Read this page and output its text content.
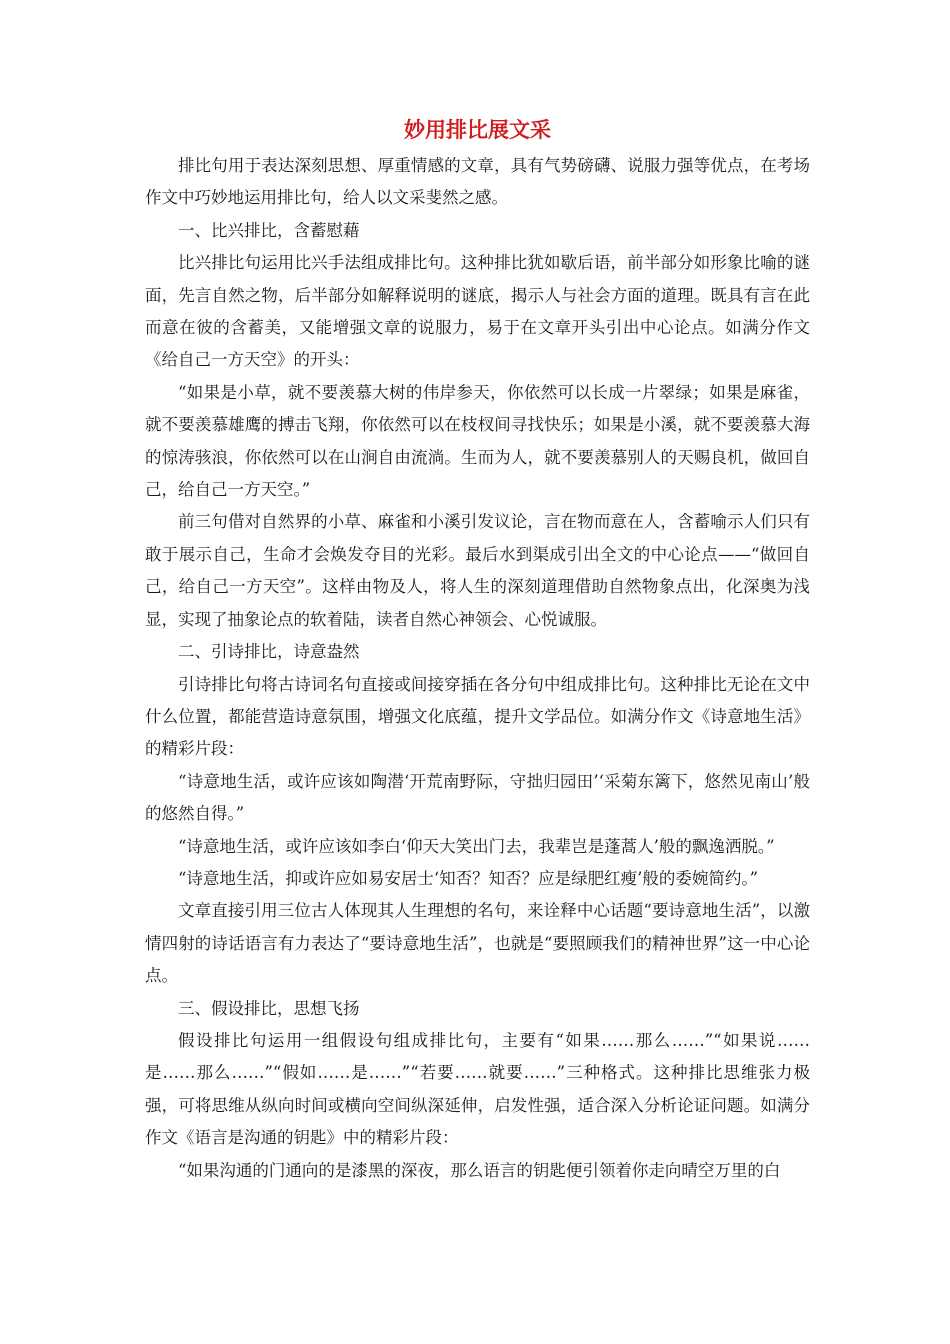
妙用排比展文采

排比句用于表达深刻思想、厚重情感的文章，具有气势磅礴、说服力强等优点，在考场作文中巧妙地运用排比句，给人以文采斐然之感。

一、比兴排比，含蓄慰藉

比兴排比句运用比兴手法组成排比句。这种排比犹如歇后语，前半部分如形象比喻的谜面，先言自然之物，后半部分如解释说明的谜底，揭示人与社会方面的道理。既具有言在此而意在彼的含蓄美，又能增强文章的说服力，易于在文章开头引出中心论点。如满分作文《给自己一方天空》的开头：

“如果是小草，就不要羡慕大树的伟岸参天，你依然可以长成一片翠绿；如果是麻雀，就不要羡慕雄鹰的搏击飞翔，你依然可以在枝杈间寻找快乐；如果是小溪，就不要羡慕大海的惊涛骇浪，你依然可以在山涧自由流淌。生而为人，就不要羡慕别人的天赐良机，做回自己，给自己一方天空。”

前三句借对自然界的小草、麻雀和小溪引发议论，言在物而意在人，含蓄喻示人们只有敢于展示自己，生命才会焕发夺目的光彩。最后水到渠成引出全文的中心论点——“做回自己，给自己一方天空”。这样由物及人，将人生的深刻道理借助自然物象点出，化深奥为浅显，实现了抽象论点的软着陆，读者自然心神领会、心悦诚服。

二、引诗排比，诗意盎然

引诗排比句将古诗词名句直接或间接穿插在各分句中组成排比句。这种排比无论在文中什么位置，都能营造诗意氛围，增强文化底蕴，提升文学品位。如满分作文《诗意地生活》的精彩片段：

“诗意地生活，或许应该如陶潜‘开荒南野际，守拙归园田’‘采菊东篱下，悠然见南山’般的悠然自得。”

“诗意地生活，或许应该如李白‘仰天大笑出门去，我辈岂是蓬蒿人’般的飘逸洒脱。”

“诗意地生活，抑或许应如易安居士‘知否？知否？应是绿肥红瘦’般的委婉简约。”

文章直接引用三位古人体现其人生理想的名句，来诠释中心话题“要诗意地生活”，以激情四射的诗话语言有力表达了“要诗意地生活”，也就是“要照顾我们的精神世界”这一中心论点。

三、假设排比，思想飞扬

假设排比句运用一组假设句组成排比句，主要有“如果……那么……”“如果说……是……那么……”“假如……是……”“若要……就要……”三种格式。这种排比思维张力极强，可将思维从纵向时间或横向空间纵深延伸，启发性强，适合深入分析论证问题。如满分作文《语言是沟通的钥匙》中的精彩片段：

“如果沟通的门通向的是漆黑的深夜，那么语言的钥匙便引领着你走向晴空万里的白
